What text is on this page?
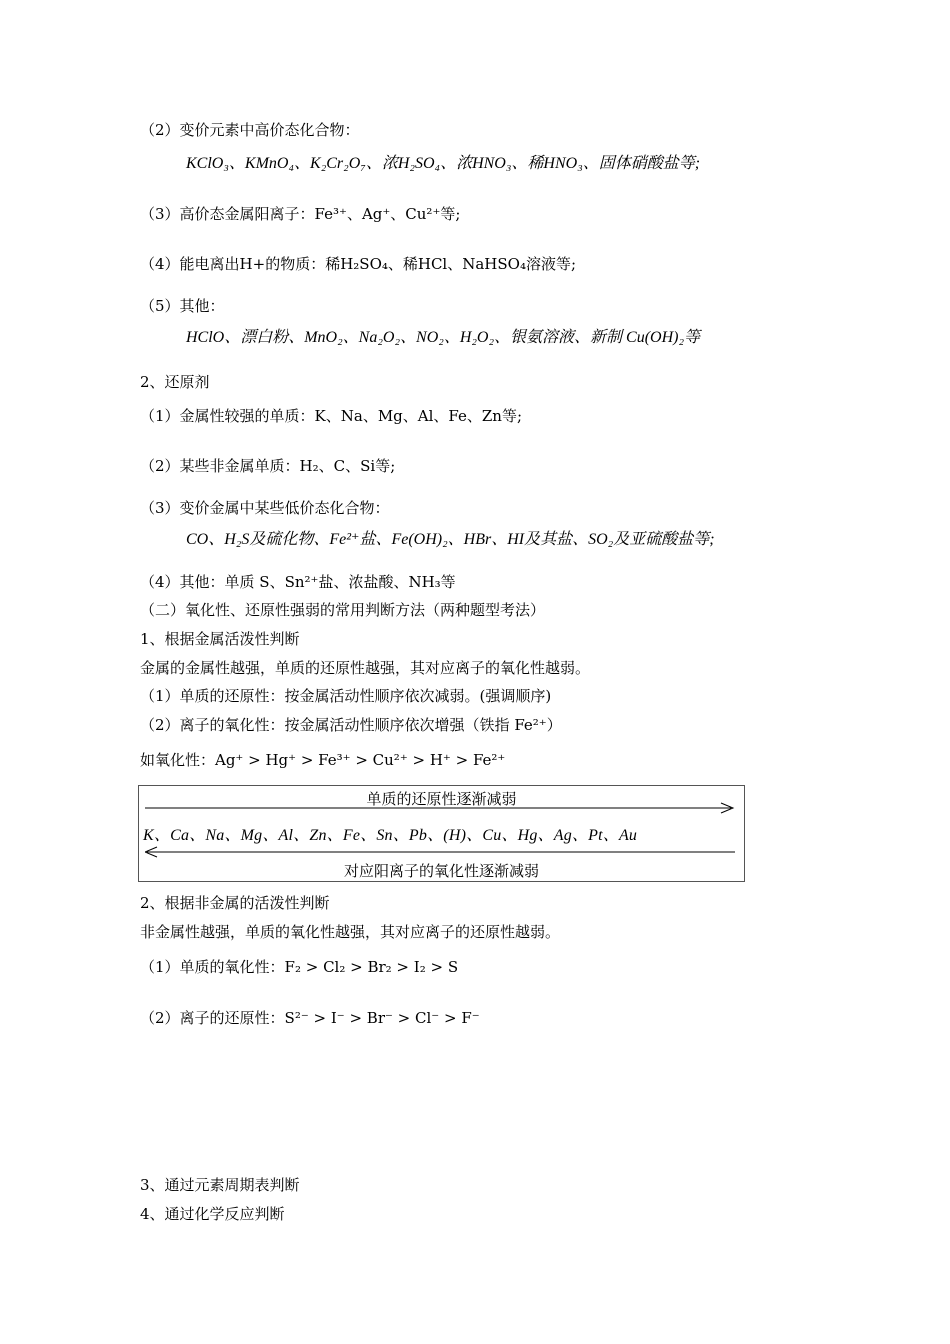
（2）变价元素中高价态化合物：
KClO₃、KMnO₄、K₂Cr₂O₇、浓H₂SO₄、浓HNO₃、稀HNO₃、固体硝酸盐等;
（3）高价态金属阳离子：Fe³⁺、Ag⁺、Cu²⁺等;
（4）能电离出H+的物质：稀H₂SO₄、稀HCl、NaHSO₄溶液等;
（5）其他：
HClO、漂白粉、MnO₂、Na₂O₂、NO₂、H₂O₂、银氨溶液、新制 Cu(OH)₂等
2、还原剂
（1）金属性较强的单质：K、Na、Mg、Al、Fe、Zn等;
（2）某些非金属单质：H₂、C、Si等;
（3）变价金属中某些低价态化合物：
CO、H₂S及硫化物、Fe²⁺盐、Fe(OH)₂、HBr、HI及其盐、SO₂及亚硫酸盐等;
（4）其他：单质 S、Sn²⁺盐、浓盐酸、NH₃等
（二）氧化性、还原性强弱的常用判断方法（两种题型考法）
1、根据金属活泼性判断
金属的金属性越强，单质的还原性越强，其对应离子的氧化性越弱。
（1）单质的还原性：按金属活动性顺序依次减弱。(强调顺序)
（2）离子的氧化性：按金属活动性顺序依次增强（铁指 Fe²⁺）
如氧化性：Ag⁺ > Hg⁺ > Fe³⁺ > Cu²⁺ > H⁺ > Fe²⁺
单质的还原性逐渐减弱
K、Ca、Na、Mg、Al、Zn、Fe、Sn、Pb、(H)、Cu、Hg、Ag、Pt、Au
对应阳离子的氧化性逐渐减弱
2、根据非金属的活泼性判断
非金属性越强，单质的氧化性越强，其对应离子的还原性越弱。
（1）单质的氧化性：F₂ > Cl₂ > Br₂ > I₂ > S
（2）离子的还原性：S²⁻ > I⁻ > Br⁻ > Cl⁻ > F⁻
3、通过元素周期表判断
4、通过化学反应判断
